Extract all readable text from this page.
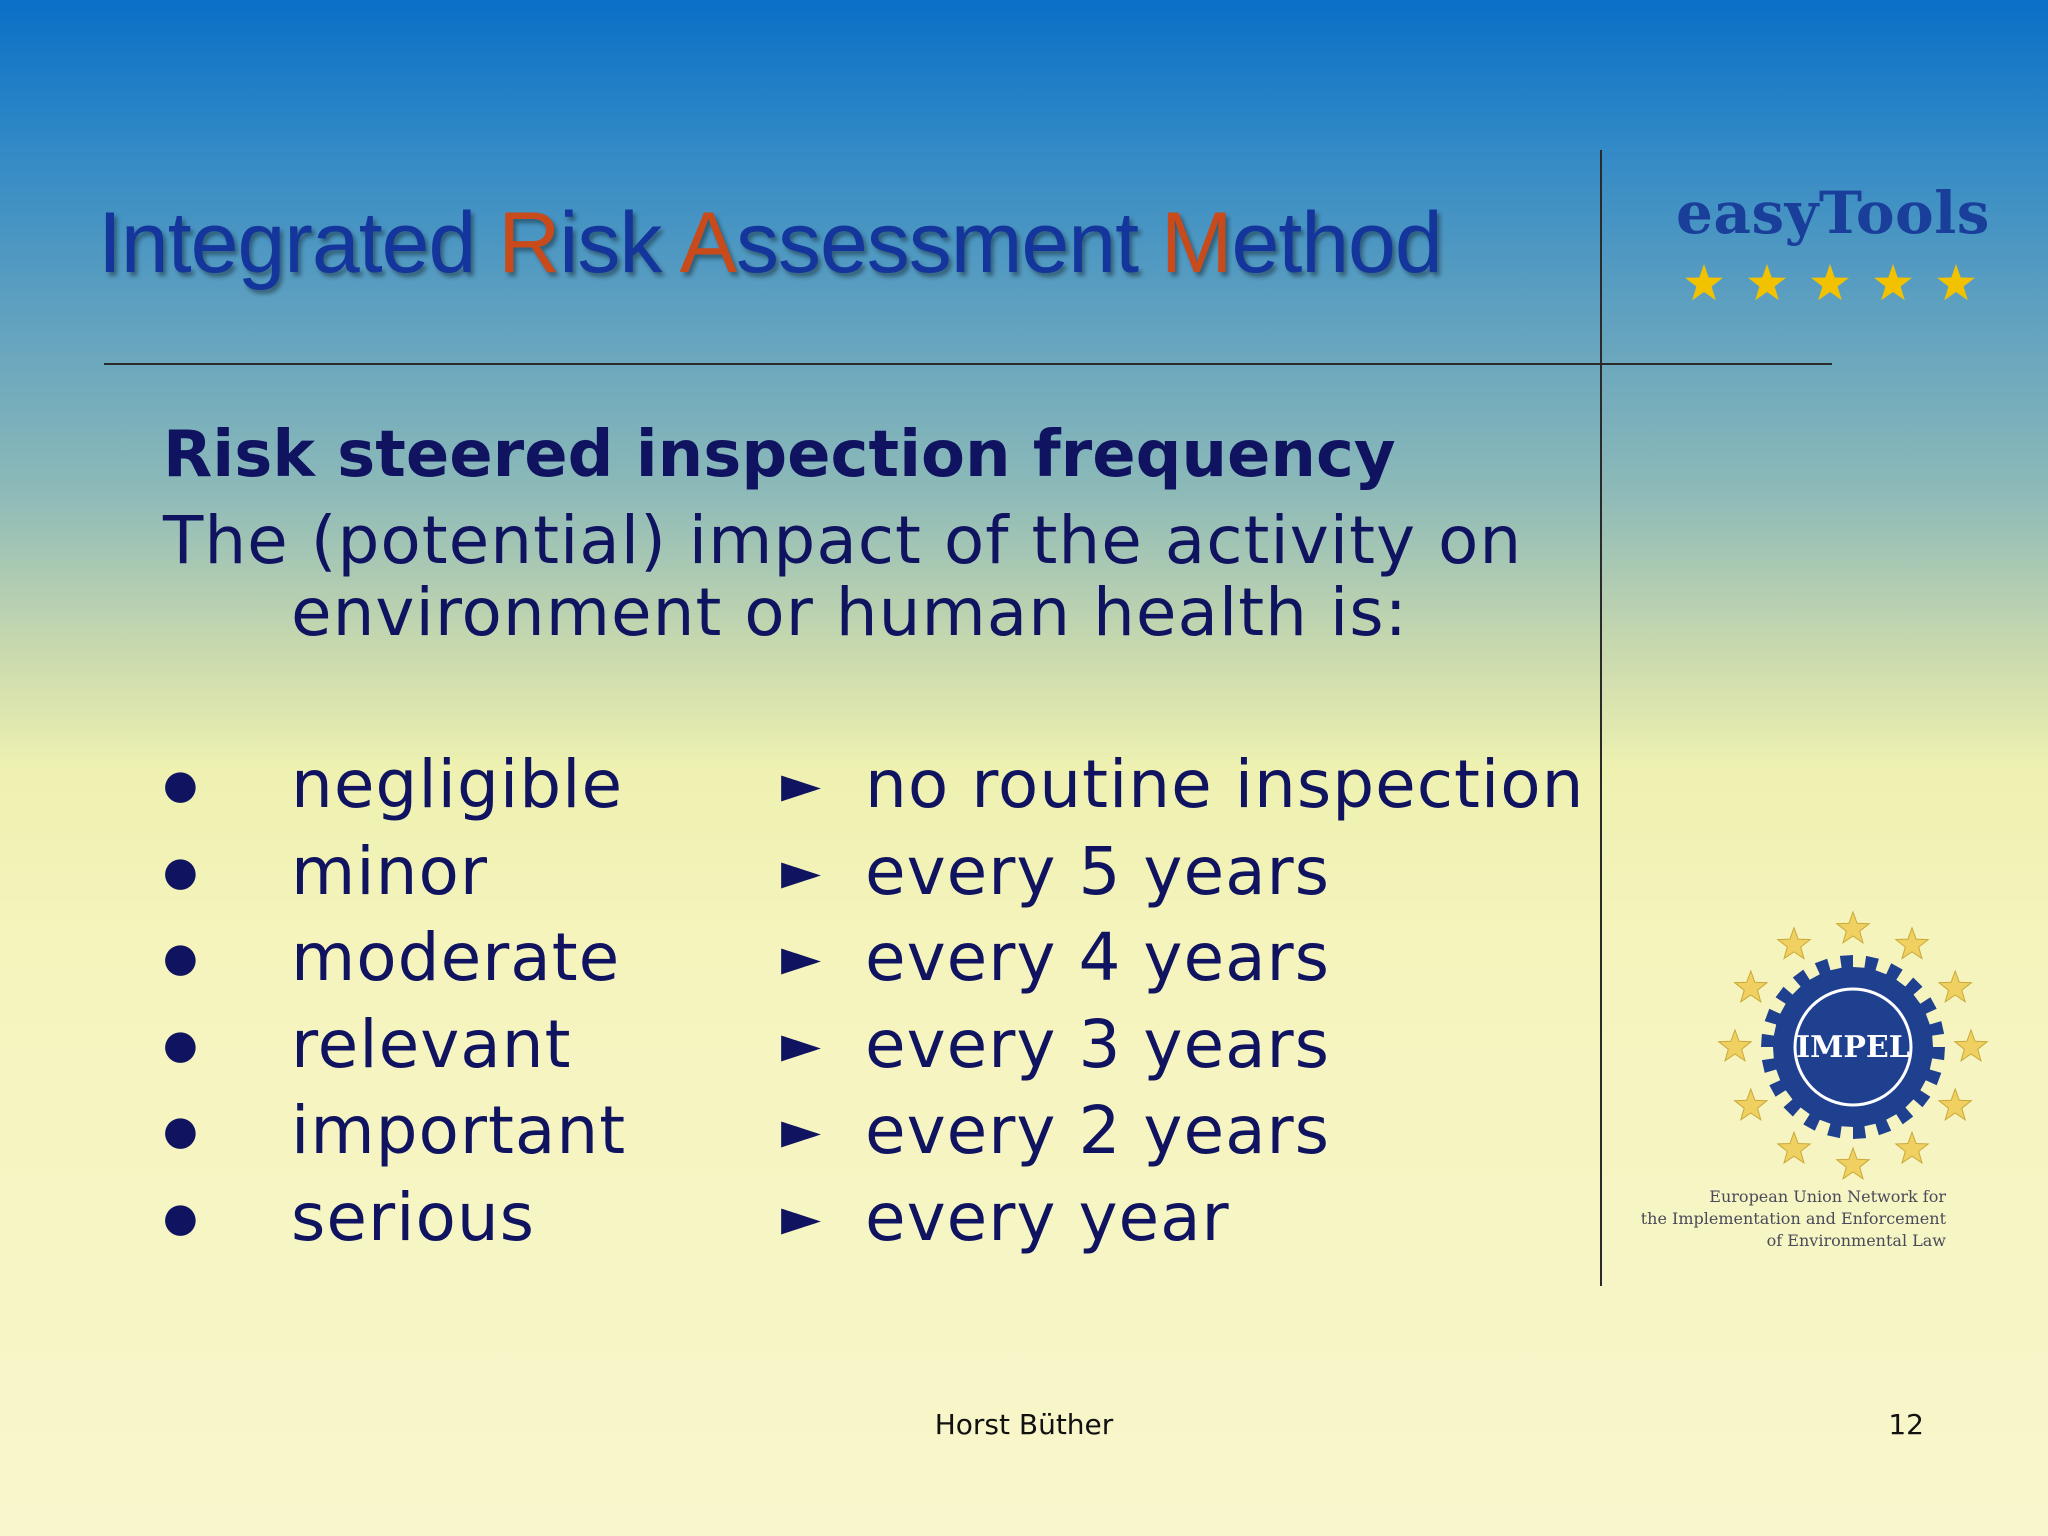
Integrated Risk Assessment Method	easyTools
Risk steered inspection frequency

The (potential) impact of the activity on environment or human health is:

● negligible	► no routine inspection
● minor	► every 5 years
● moderate	► every 4 years
● relevant	► every 3 years
● important	► every 2 years
● serious	► every year
IMPEL

European Union Network for
the Implementation and Enforcement
of Environmental Law

Horst Büther	12
